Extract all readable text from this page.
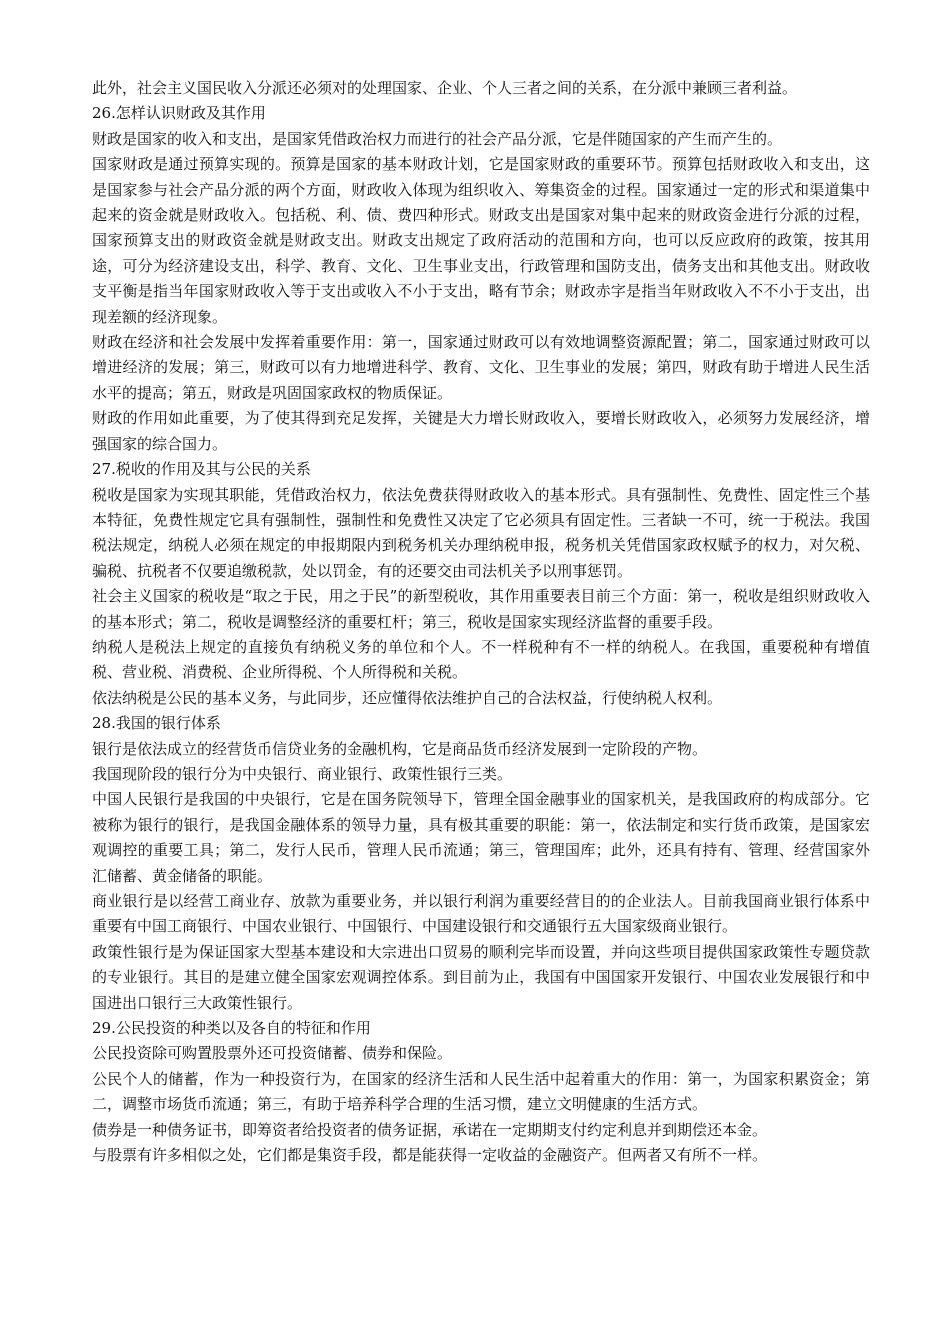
此外，社会主义国民收入分派还必须对的处理国家、企业、个人三者之间的关系，在分派中兼顾三者利益。

26.怎样认识财政及其作用

财政是国家的收入和支出，是国家凭借政治权力而进行的社会产品分派，它是伴随国家的产生而产生的。

国家财政是通过预算实现的。预算是国家的基本财政计划，它是国家财政的重要环节。预算包括财政收入和支出，这是国家参与社会产品分派的两个方面，财政收入体现为组织收入、筹集资金的过程。国家通过一定的形式和渠道集中起来的资金就是财政收入。包括税、利、债、费四种形式。财政支出是国家对集中起来的财政资金进行分派的过程，国家预算支出的财政资金就是财政支出。财政支出规定了政府活动的范围和方向，也可以反应政府的政策，按其用途，可分为经济建设支出，科学、教育、文化、卫生事业支出，行政管理和国防支出，债务支出和其他支出。财政收支平衡是指当年国家财政收入等于支出或收入不小于支出，略有节余；财政赤字是指当年财政收入不不小于支出，出现差额的经济现象。

财政在经济和社会发展中发挥着重要作用：第一，国家通过财政可以有效地调整资源配置；第二，国家通过财政可以增进经济的发展；第三，财政可以有力地增进科学、教育、文化、卫生事业的发展；第四，财政有助于增进人民生活水平的提高；第五，财政是巩固国家政权的物质保证。

财政的作用如此重要，为了使其得到充足发挥，关键是大力增长财政收入，要增长财政收入，必须努力发展经济，增强国家的综合国力。

27.税收的作用及其与公民的关系

税收是国家为实现其职能，凭借政治权力，依法免费获得财政收入的基本形式。具有强制性、免费性、固定性三个基本特征，免费性规定它具有强制性，强制性和免费性又决定了它必须具有固定性。三者缺一不可，统一于税法。我国税法规定，纳税人必须在规定的申报期限内到税务机关办理纳税申报，税务机关凭借国家政权赋予的权力，对欠税、骗税、抗税者不仅要追缴税款，处以罚金，有的还要交由司法机关予以刑事惩罚。

社会主义国家的税收是“取之于民，用之于民”的新型税收，其作用重要表目前三个方面：第一，税收是组织财政收入的基本形式；第二，税收是调整经济的重要杠杆；第三，税收是国家实现经济监督的重要手段。

纳税人是税法上规定的直接负有纳税义务的单位和个人。不一样税种有不一样的纳税人。在我国，重要税种有增值税、营业税、消费税、企业所得税、个人所得税和关税。

依法纳税是公民的基本义务，与此同步，还应懂得依法维护自己的合法权益，行使纳税人权利。

28.我国的银行体系

银行是依法成立的经营货币信贷业务的金融机构，它是商品货币经济发展到一定阶段的产物。

我国现阶段的银行分为中央银行、商业银行、政策性银行三类。

中国人民银行是我国的中央银行，它是在国务院领导下，管理全国金融事业的国家机关，是我国政府的构成部分。它被称为银行的银行，是我国金融体系的领导力量，具有极其重要的职能：第一，依法制定和实行货币政策，是国家宏观调控的重要工具；第二，发行人民币，管理人民币流通；第三，管理国库；此外，还具有持有、管理、经营国家外汇储蓄、黄金储备的职能。

商业银行是以经营工商业存、放款为重要业务，并以银行利润为重要经营目的的企业法人。目前我国商业银行体系中重要有中国工商银行、中国农业银行、中国银行、中国建设银行和交通银行五大国家级商业银行。

政策性银行是为保证国家大型基本建设和大宗进出口贸易的顺利完毕而设置，并向这些项目提供国家政策性专题贷款的专业银行。其目的是建立健全国家宏观调控体系。到目前为止，我国有中国国家开发银行、中国农业发展银行和中国进出口银行三大政策性银行。

29.公民投资的种类以及各自的特征和作用

公民投资除可购置股票外还可投资储蓄、债券和保险。

公民个人的储蓄，作为一种投资行为，在国家的经济生活和人民生活中起着重大的作用：第一，为国家积累资金；第二，调整市场货币流通；第三，有助于培养科学合理的生活习惯，建立文明健康的生活方式。

债券是一种债务证书，即筹资者给投资者的债务证据，承诺在一定期期支付约定利息并到期偿还本金。

与股票有许多相似之处，它们都是集资手段，都是能获得一定收益的金融资产。但两者又有所不一样。
